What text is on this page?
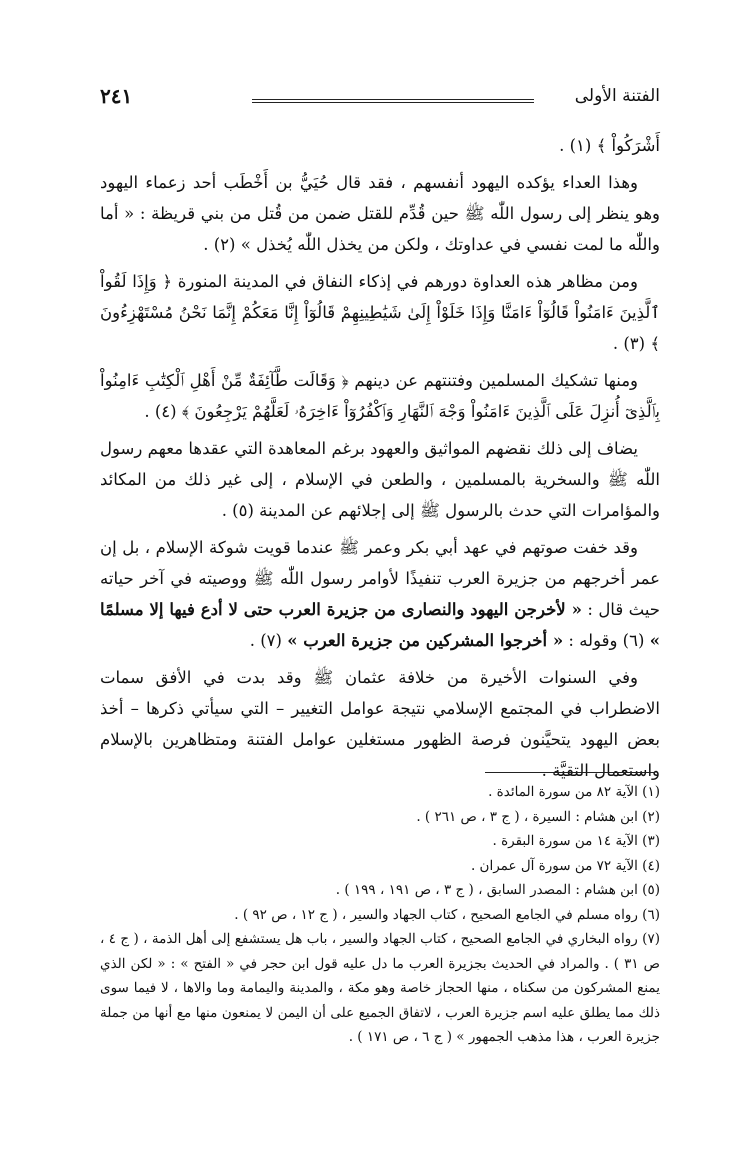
الفتنة الأولى
٢٤١

أَشْرَكُواْ ﴾ (١) .

وهذا العداء يؤكده اليهود أنفسهم ، فقد قال حُيَيُّ بن أَخْطَب أحد زعماء اليهود وهو ينظر إلى رسول اللّٰه ﷺ حين قُدِّم للقتل ضمن من قُتل من بني قريظة : « أما واللّٰه ما لمت نفسي في عداوتك ، ولكن من يخذل اللّٰه يُخذل » (٢) .

ومن مظاهر هذه العداوة دورهم في إذكاء النفاق في المدينة المنورة ﴿ وَإِذَا لَقُواْ ٱلَّذِينَ ءَامَنُواْ قَالُوٓاْ ءَامَنَّا وَإِذَا خَلَوْاْ إِلَىٰ شَيَٰطِينِهِمْ قَالُوٓاْ إِنَّا مَعَكُمْ إِنَّمَا نَحْنُ مُسْتَهْزِءُونَ ﴾ (٣) .

ومنها تشكيك المسلمين وفتنتهم عن دينهم ﴿ وَقَالَت طَّآئِفَةٌ مِّنْ أَهْلِ ٱلْكِتَٰبِ ءَامِنُواْ بِٱلَّذِىٓ أُنزِلَ عَلَى ٱلَّذِينَ ءَامَنُواْ وَجْهَ ٱلنَّهَارِ وَٱكْفُرُوٓاْ ءَاخِرَهُۥ لَعَلَّهُمْ يَرْجِعُونَ ﴾ (٤) .

يضاف إلى ذلك نقضهم المواثيق والعهود برغم المعاهدة التي عقدها معهم رسول اللّٰه ﷺ والسخرية بالمسلمين ، والطعن في الإسلام ، إلى غير ذلك من المكائد والمؤامرات التي حدث بالرسول ﷺ إلى إجلائهم عن المدينة (٥) .

وقد خفت صوتهم في عهد أبي بكر وعمر ﷺ عندما قويت شوكة الإسلام ، بل إن عمر أخرجهم من جزيرة العرب تنفيذًا لأوامر رسول اللّٰه ﷺ ووصيته في آخر حياته حيث قال : « لأخرجن اليهود والنصارى من جزيرة العرب حتى لا أدع فيها إلا مسلمًا » (٦) وقوله : « أخرجوا المشركين من جزيرة العرب » (٧) .

وفي السنوات الأخيرة من خلافة عثمان ﷺ وقد بدت في الأفق سمات الاضطراب في المجتمع الإسلامي نتيجة عوامل التغيير – التي سيأتي ذكرها – أخذ بعض اليهود يتحيَّنون فرصة الظهور مستغلين عوامل الفتنة ومتظاهرين بالإسلام واستعمال التقيَّة .

(١) الآية ٨٢ من سورة المائدة .

(٢) ابن هشام : السيرة ، ( ج ٣ ، ص ٢٦١ ) .

(٣) الآية ١٤ من سورة البقرة .

(٤) الآية ٧٢ من سورة آل عمران .

(٥) ابن هشام : المصدر السابق ، ( ج ٣ ، ص ١٩١ ، ١٩٩ ) .

(٦) رواه مسلم في الجامع الصحيح ، كتاب الجهاد والسير ، ( ج ١٢ ، ص ٩٢ ) .

(٧) رواه البخاري في الجامع الصحيح ، كتاب الجهاد والسير ، باب هل يستشفع إلى أهل الذمة ، ( ج ٤ ، ص ٣١ ) . والمراد في الحديث بجزيرة العرب ما دل عليه قول ابن حجر في « الفتح » : « لكن الذي يمنع المشركون من سكناه ، منها الحجاز خاصة وهو مكة ، والمدينة واليمامة وما والاها ، لا فيما سوى ذلك مما يطلق عليه اسم جزيرة العرب ، لاتفاق الجميع على أن اليمن لا يمنعون منها مع أنها من جملة جزيرة العرب ، هذا مذهب الجمهور » ( ج ٦ ، ص ١٧١ ) .
